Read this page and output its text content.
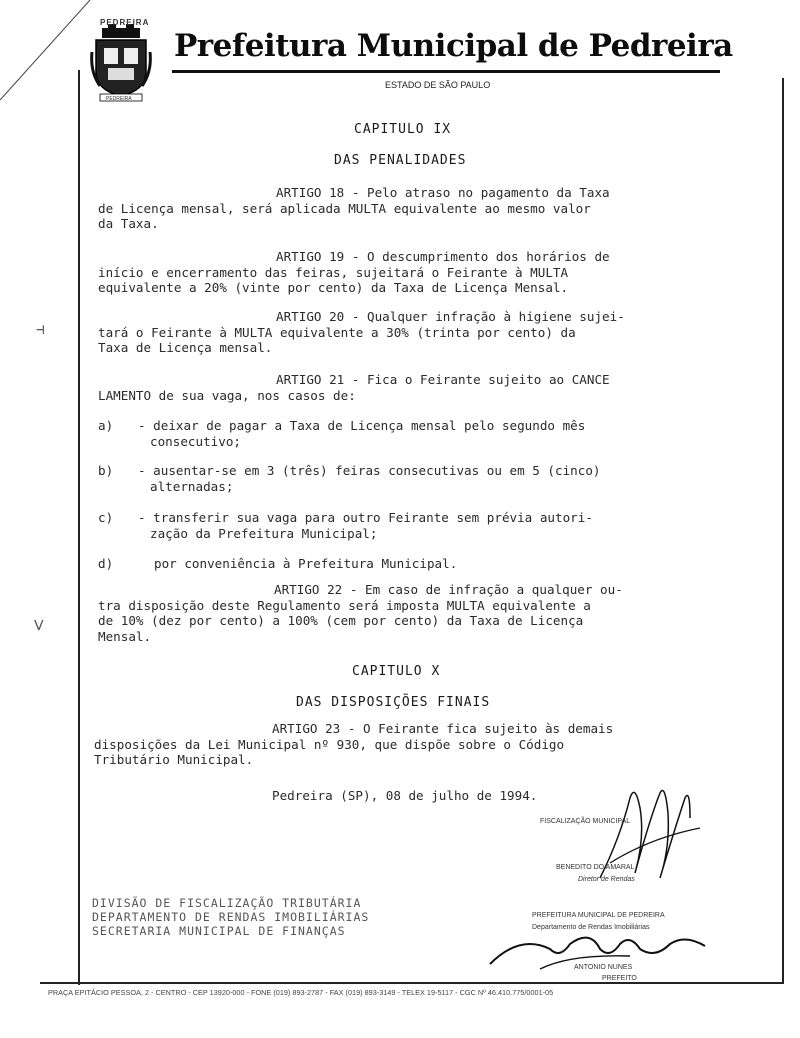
PEDREIRA
PEDREIRA
Prefeitura Municipal de Pedreira
ESTADO DE SÃO PAULO
CAPITULO IX
DAS PENALIDADES
ARTIGO 18 - Pelo atraso no pagamento da Taxa
de Licença mensal, será aplicada MULTA equivalente ao mesmo valor
da Taxa.
ARTIGO 19 - O descumprimento dos horários de
início e encerramento das feiras, sujeitará o Feirante à MULTA
equivalente a 20% (vinte por cento) da Taxa de Licença Mensal.
ARTIGO 20 - Qualquer infração à higiene sujei-
tará o Feirante à MULTA equivalente a 30% (trinta por cento) da
Taxa de Licença mensal.
ARTIGO 21 - Fica o Feirante sujeito ao CANCE
LAMENTO de sua vaga, nos casos de:
a) - deixar de pagar a Taxa de Licença mensal pelo segundo mês
consecutivo;
b) - ausentar-se em 3 (três) feiras consecutivas ou em 5 (cinco)
alternadas;
c) - transferir sua vaga para outro Feirante sem prévia autori-
zação da Prefeitura Municipal;
d)	por conveniência à Prefeitura Municipal.
ARTIGO 22 - Em caso de infração a qualquer ou-
tra disposição deste Regulamento será imposta MULTA equivalente a
de 10% (dez por cento) a 100% (cem por cento) da Taxa de Licença
Mensal.
CAPITULO X
DAS DISPOSIÇÕES FINAIS
ARTIGO 23 - O Feirante fica sujeito às demais
disposições da Lei Municipal nº 930, que dispõe sobre o Código
Tributário Municipal.
Pedreira (SP), 08 de julho de 1994.
FISCALIZAÇÃO MUNICIPAL
BENEDITO DO AMARAL
Diretor de Rendas
PREFEITURA MUNICIPAL DE PEDREIRA
Departamento de Rendas Imobiliárias
ANTONIO NUNES
PREFEITO
DIVISÃO DE FISCALIZAÇÃO TRIBUTÁRIA
DEPARTAMENTO DE RENDAS IMOBILIÁRIAS
SECRETARIA MUNICIPAL DE FINANÇAS
⊣
ᐯ
PRAÇA EPITÁCIO PESSOA, 2 - CENTRO - CEP 13920-000 - FONE (019) 893-2787 - FAX (019) 893-3149 - TELEX 19-5117 - CGC Nº 46.410.775/0001-05
